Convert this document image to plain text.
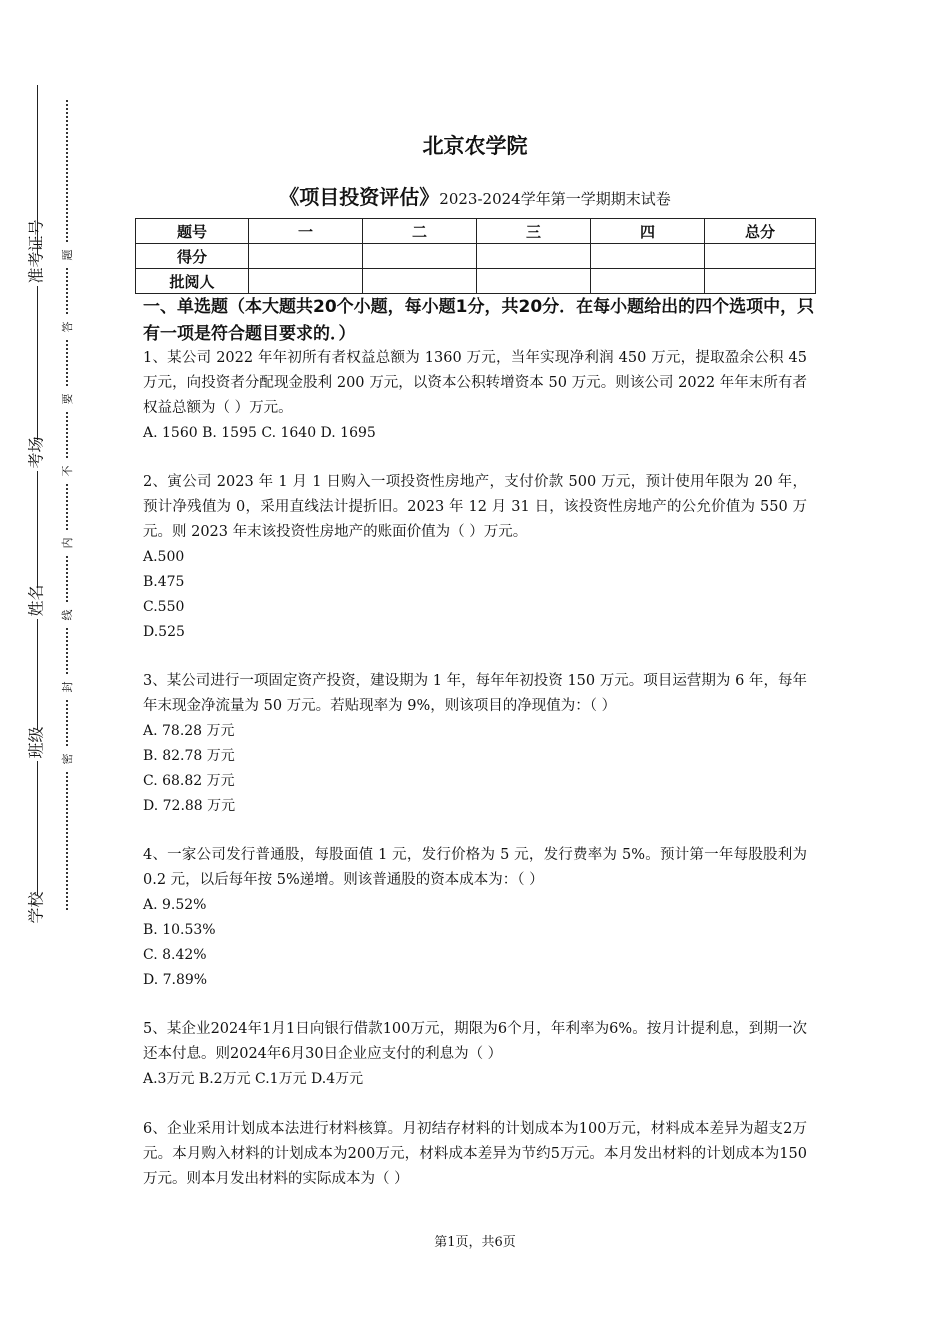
准考证号
考场
姓名
班级
学校
题
答
要
不
内
线
封
密
北京农学院
《项目投资评估》2023-2024学年第一学期期末试卷
题号	一	二	三	四	总分
得分					
批阅人					
一、单选题（本大题共20个小题，每小题1分，共20分．在每小题给出的四个选项中，只有一项是符合题目要求的．）
1、某公司 2022 年年初所有者权益总额为 1360 万元，当年实现净利润 450 万元，提取盈余公积 45 万元，向投资者分配现金股利 200 万元，以资本公积转增资本 50 万元。则该公司 2022 年年末所有者权益总额为（ ）万元。
A. 1560 B. 1595 C. 1640 D. 1695
2、寅公司 2023 年 1 月 1 日购入一项投资性房地产，支付价款 500 万元，预计使用年限为 20 年，预计净残值为 0，采用直线法计提折旧。2023 年 12 月 31 日，该投资性房地产的公允价值为 550 万元。则 2023 年末该投资性房地产的账面价值为（ ）万元。
A.500
B.475
C.550
D.525
3、某公司进行一项固定资产投资，建设期为 1 年，每年年初投资 150 万元。项目运营期为 6 年，每年年末现金净流量为 50 万元。若贴现率为 9%，则该项目的净现值为：（ ）
A. 78.28 万元
B. 82.78 万元
C. 68.82 万元
D. 72.88 万元
4、一家公司发行普通股，每股面值 1 元，发行价格为 5 元，发行费率为 5%。预计第一年每股股利为 0.2 元，以后每年按 5%递增。则该普通股的资本成本为：（ ）
A. 9.52%
B. 10.53%
C. 8.42%
D. 7.89%
5、某企业2024年1月1日向银行借款100万元，期限为6个月，年利率为6%。按月计提利息，到期一次还本付息。则2024年6月30日企业应支付的利息为（ ）
A.3万元 B.2万元 C.1万元 D.4万元
6、企业采用计划成本法进行材料核算。月初结存材料的计划成本为100万元，材料成本差异为超支2万元。本月购入材料的计划成本为200万元，材料成本差异为节约5万元。本月发出材料的计划成本为150万元。则本月发出材料的实际成本为（ ）
第1页，共6页
